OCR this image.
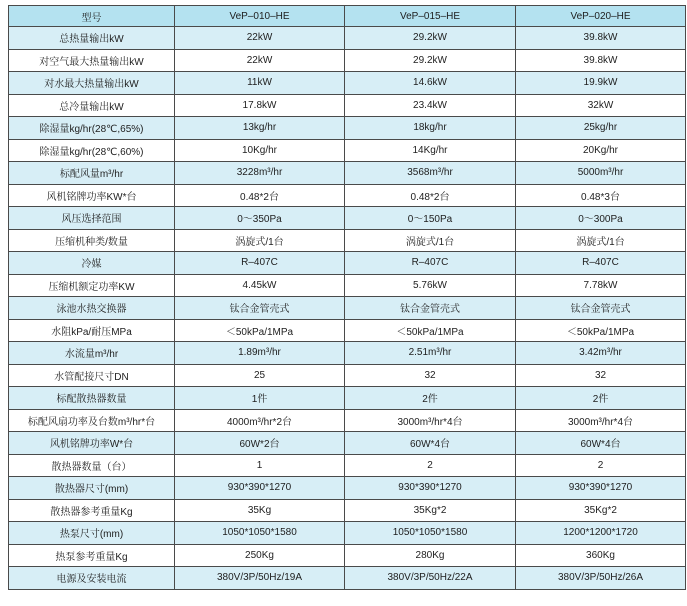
型号	VeP–010–HE	VeP–015–HE	VeP–020–HE
总热量输出kW	22kW	29.2kW	39.8kW
对空气最大热量输出kW	22kW	29.2kW	39.8kW
对水最大热量输出kW	11kW	14.6kW	19.9kW
总冷量输出kW	17.8kW	23.4kW	32kW
除湿量kg/hr(28℃,65%)	13kg/hr	18kg/hr	25kg/hr
除湿量kg/hr(28℃,60%)	10Kg/hr	14Kg/hr	20Kg/hr
标配风量m³/hr	3228m³/hr	3568m³/hr	5000m³/hr
风机铭牌功率KW*台	0.48*2台	0.48*2台	0.48*3台
风压选择范围	0～350Pa	0～150Pa	0～300Pa
压缩机种类/数量	涡旋式/1台	涡旋式/1台	涡旋式/1台
冷媒	R–407C	R–407C	R–407C
压缩机额定功率KW	4.45kW	5.76kW	7.78kW
泳池水热交换器	钛合金管壳式	钛合金管壳式	钛合金管壳式
水阻kPa/耐压MPa	＜50kPa/1MPa	＜50kPa/1MPa	＜50kPa/1MPa
水流量m³/hr	1.89m³/hr	2.51m³/hr	3.42m³/hr
水管配接尺寸DN	25	32	32
标配散热器数量	1件	2件	2件
标配风扇功率及台数m³/hr*台	4000m³/hr*2台	3000m³/hr*4台	3000m³/hr*4台
风机铭牌功率W*台	60W*2台	60W*4台	60W*4台
散热器数量（台）	1	2	2
散热器尺寸(mm)	930*390*1270	930*390*1270	930*390*1270
散热器参考重量Kg	35Kg	35Kg*2	35Kg*2
热泵尺寸(mm)	1050*1050*1580	1050*1050*1580	1200*1200*1720
热泵参考重量Kg	250Kg	280Kg	360Kg
电源及安装电流	380V/3P/50Hz/19A	380V/3P/50Hz/22A	380V/3P/50Hz/26A
